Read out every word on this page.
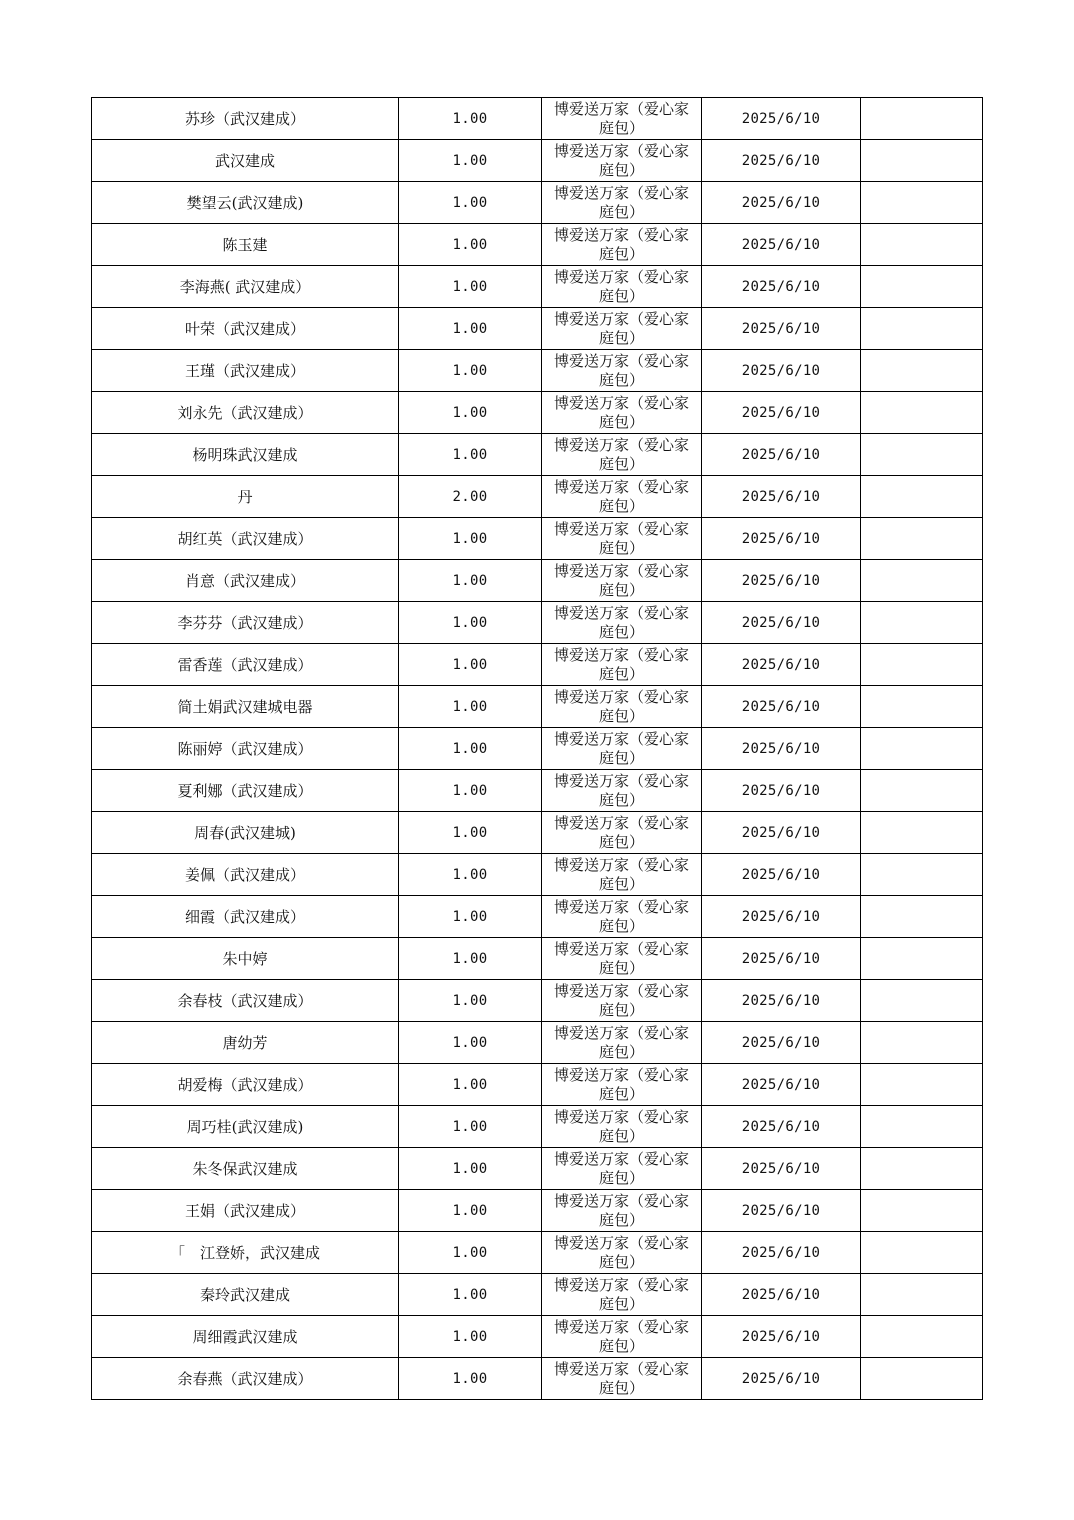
苏珍（武汉建成）	1.00	博爱送万家（爱心家庭包）	2025/6/10	
武汉建成	1.00	博爱送万家（爱心家庭包）	2025/6/10	
樊望云(武汉建成)	1.00	博爱送万家（爱心家庭包）	2025/6/10	
陈玉建	1.00	博爱送万家（爱心家庭包）	2025/6/10	
李海燕( 武汉建成）	1.00	博爱送万家（爱心家庭包）	2025/6/10	
叶荣（武汉建成）	1.00	博爱送万家（爱心家庭包）	2025/6/10	
王瑾（武汉建成）	1.00	博爱送万家（爱心家庭包）	2025/6/10	
刘永先（武汉建成）	1.00	博爱送万家（爱心家庭包）	2025/6/10	
杨明珠武汉建成	1.00	博爱送万家（爱心家庭包）	2025/6/10	
丹	2.00	博爱送万家（爱心家庭包）	2025/6/10	
胡红英（武汉建成）	1.00	博爱送万家（爱心家庭包）	2025/6/10	
肖意（武汉建成）	1.00	博爱送万家（爱心家庭包）	2025/6/10	
李芬芬（武汉建成）	1.00	博爱送万家（爱心家庭包）	2025/6/10	
雷香莲（武汉建成）	1.00	博爱送万家（爱心家庭包）	2025/6/10	
简土娟武汉建城电器	1.00	博爱送万家（爱心家庭包）	2025/6/10	
陈丽婷（武汉建成）	1.00	博爱送万家（爱心家庭包）	2025/6/10	
夏利娜（武汉建成）	1.00	博爱送万家（爱心家庭包）	2025/6/10	
周春(武汉建城)	1.00	博爱送万家（爱心家庭包）	2025/6/10	
姜佩（武汉建成）	1.00	博爱送万家（爱心家庭包）	2025/6/10	
细霞（武汉建成）	1.00	博爱送万家（爱心家庭包）	2025/6/10	
朱中婷	1.00	博爱送万家（爱心家庭包）	2025/6/10	
余春枝（武汉建成）	1.00	博爱送万家（爱心家庭包）	2025/6/10	
唐幼芳	1.00	博爱送万家（爱心家庭包）	2025/6/10	
胡爱梅（武汉建成）	1.00	博爱送万家（爱心家庭包）	2025/6/10	
周巧桂(武汉建成)	1.00	博爱送万家（爱心家庭包）	2025/6/10	
朱冬保武汉建成	1.00	博爱送万家（爱心家庭包）	2025/6/10	
王娟（武汉建成）	1.00	博爱送万家（爱心家庭包）	2025/6/10	
「　江登娇，武汉建成	1.00	博爱送万家（爱心家庭包）	2025/6/10	
秦玲武汉建成	1.00	博爱送万家（爱心家庭包）	2025/6/10	
周细霞武汉建成	1.00	博爱送万家（爱心家庭包）	2025/6/10	
余春燕（武汉建成）	1.00	博爱送万家（爱心家庭包）	2025/6/10	
